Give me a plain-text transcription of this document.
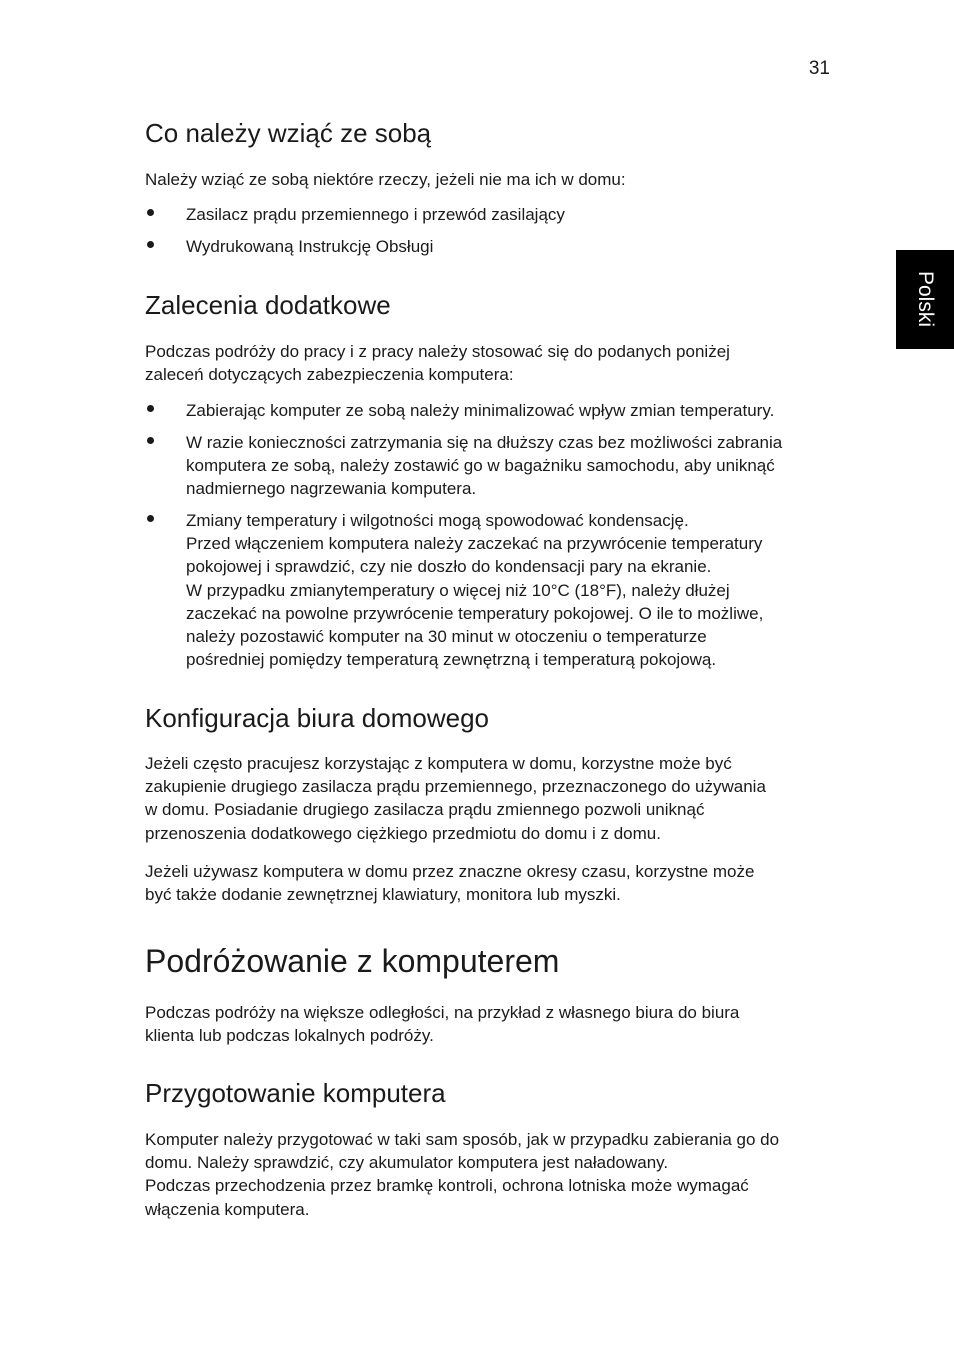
31
Polski
Co należy wziąć ze sobą

Należy wziąć ze sobą niektóre rzeczy, jeżeli nie ma ich w domu:

Zasilacz prądu przemiennego i przewód zasilający

Wydrukowaną Instrukcję Obsługi

Zalecenia dodatkowe

Podczas podróży do pracy i z pracy należy stosować się do podanych poniżej
zaleceń dotyczących zabezpieczenia komputera:

Zabierając komputer ze sobą należy minimalizować wpływ zmian temperatury.

W razie konieczności zatrzymania się na dłuższy czas bez możliwości zabrania
komputera ze sobą, należy zostawić go w bagażniku samochodu, aby uniknąć
nadmiernego nagrzewania komputera.

Zmiany temperatury i wilgotności mogą spowodować kondensację.
Przed włączeniem komputera należy zaczekać na przywrócenie temperatury
pokojowej i sprawdzić, czy nie doszło do kondensacji pary na ekranie.
W przypadku zmianytemperatury o więcej niż 10°C (18°F), należy dłużej
zaczekać na powolne przywrócenie temperatury pokojowej. O ile to możliwe,
należy pozostawić komputer na 30 minut w otoczeniu o temperaturze
pośredniej pomiędzy temperaturą zewnętrzną i temperaturą pokojową.

Konfiguracja biura domowego

Jeżeli często pracujesz korzystając z komputera w domu, korzystne może być
zakupienie drugiego zasilacza prądu przemiennego, przeznaczonego do używania
w domu. Posiadanie drugiego zasilacza prądu zmiennego pozwoli uniknąć
przenoszenia dodatkowego ciężkiego przedmiotu do domu i z domu.

Jeżeli używasz komputera w domu przez znaczne okresy czasu, korzystne może
być także dodanie zewnętrznej klawiatury, monitora lub myszki.

Podróżowanie z komputerem

Podczas podróży na większe odległości, na przykład z własnego biura do biura
klienta lub podczas lokalnych podróży.

Przygotowanie komputera

Komputer należy przygotować w taki sam sposób, jak w przypadku zabierania go do
domu. Należy sprawdzić, czy akumulator komputera jest naładowany.
Podczas przechodzenia przez bramkę kontroli, ochrona lotniska może wymagać
włączenia komputera.
